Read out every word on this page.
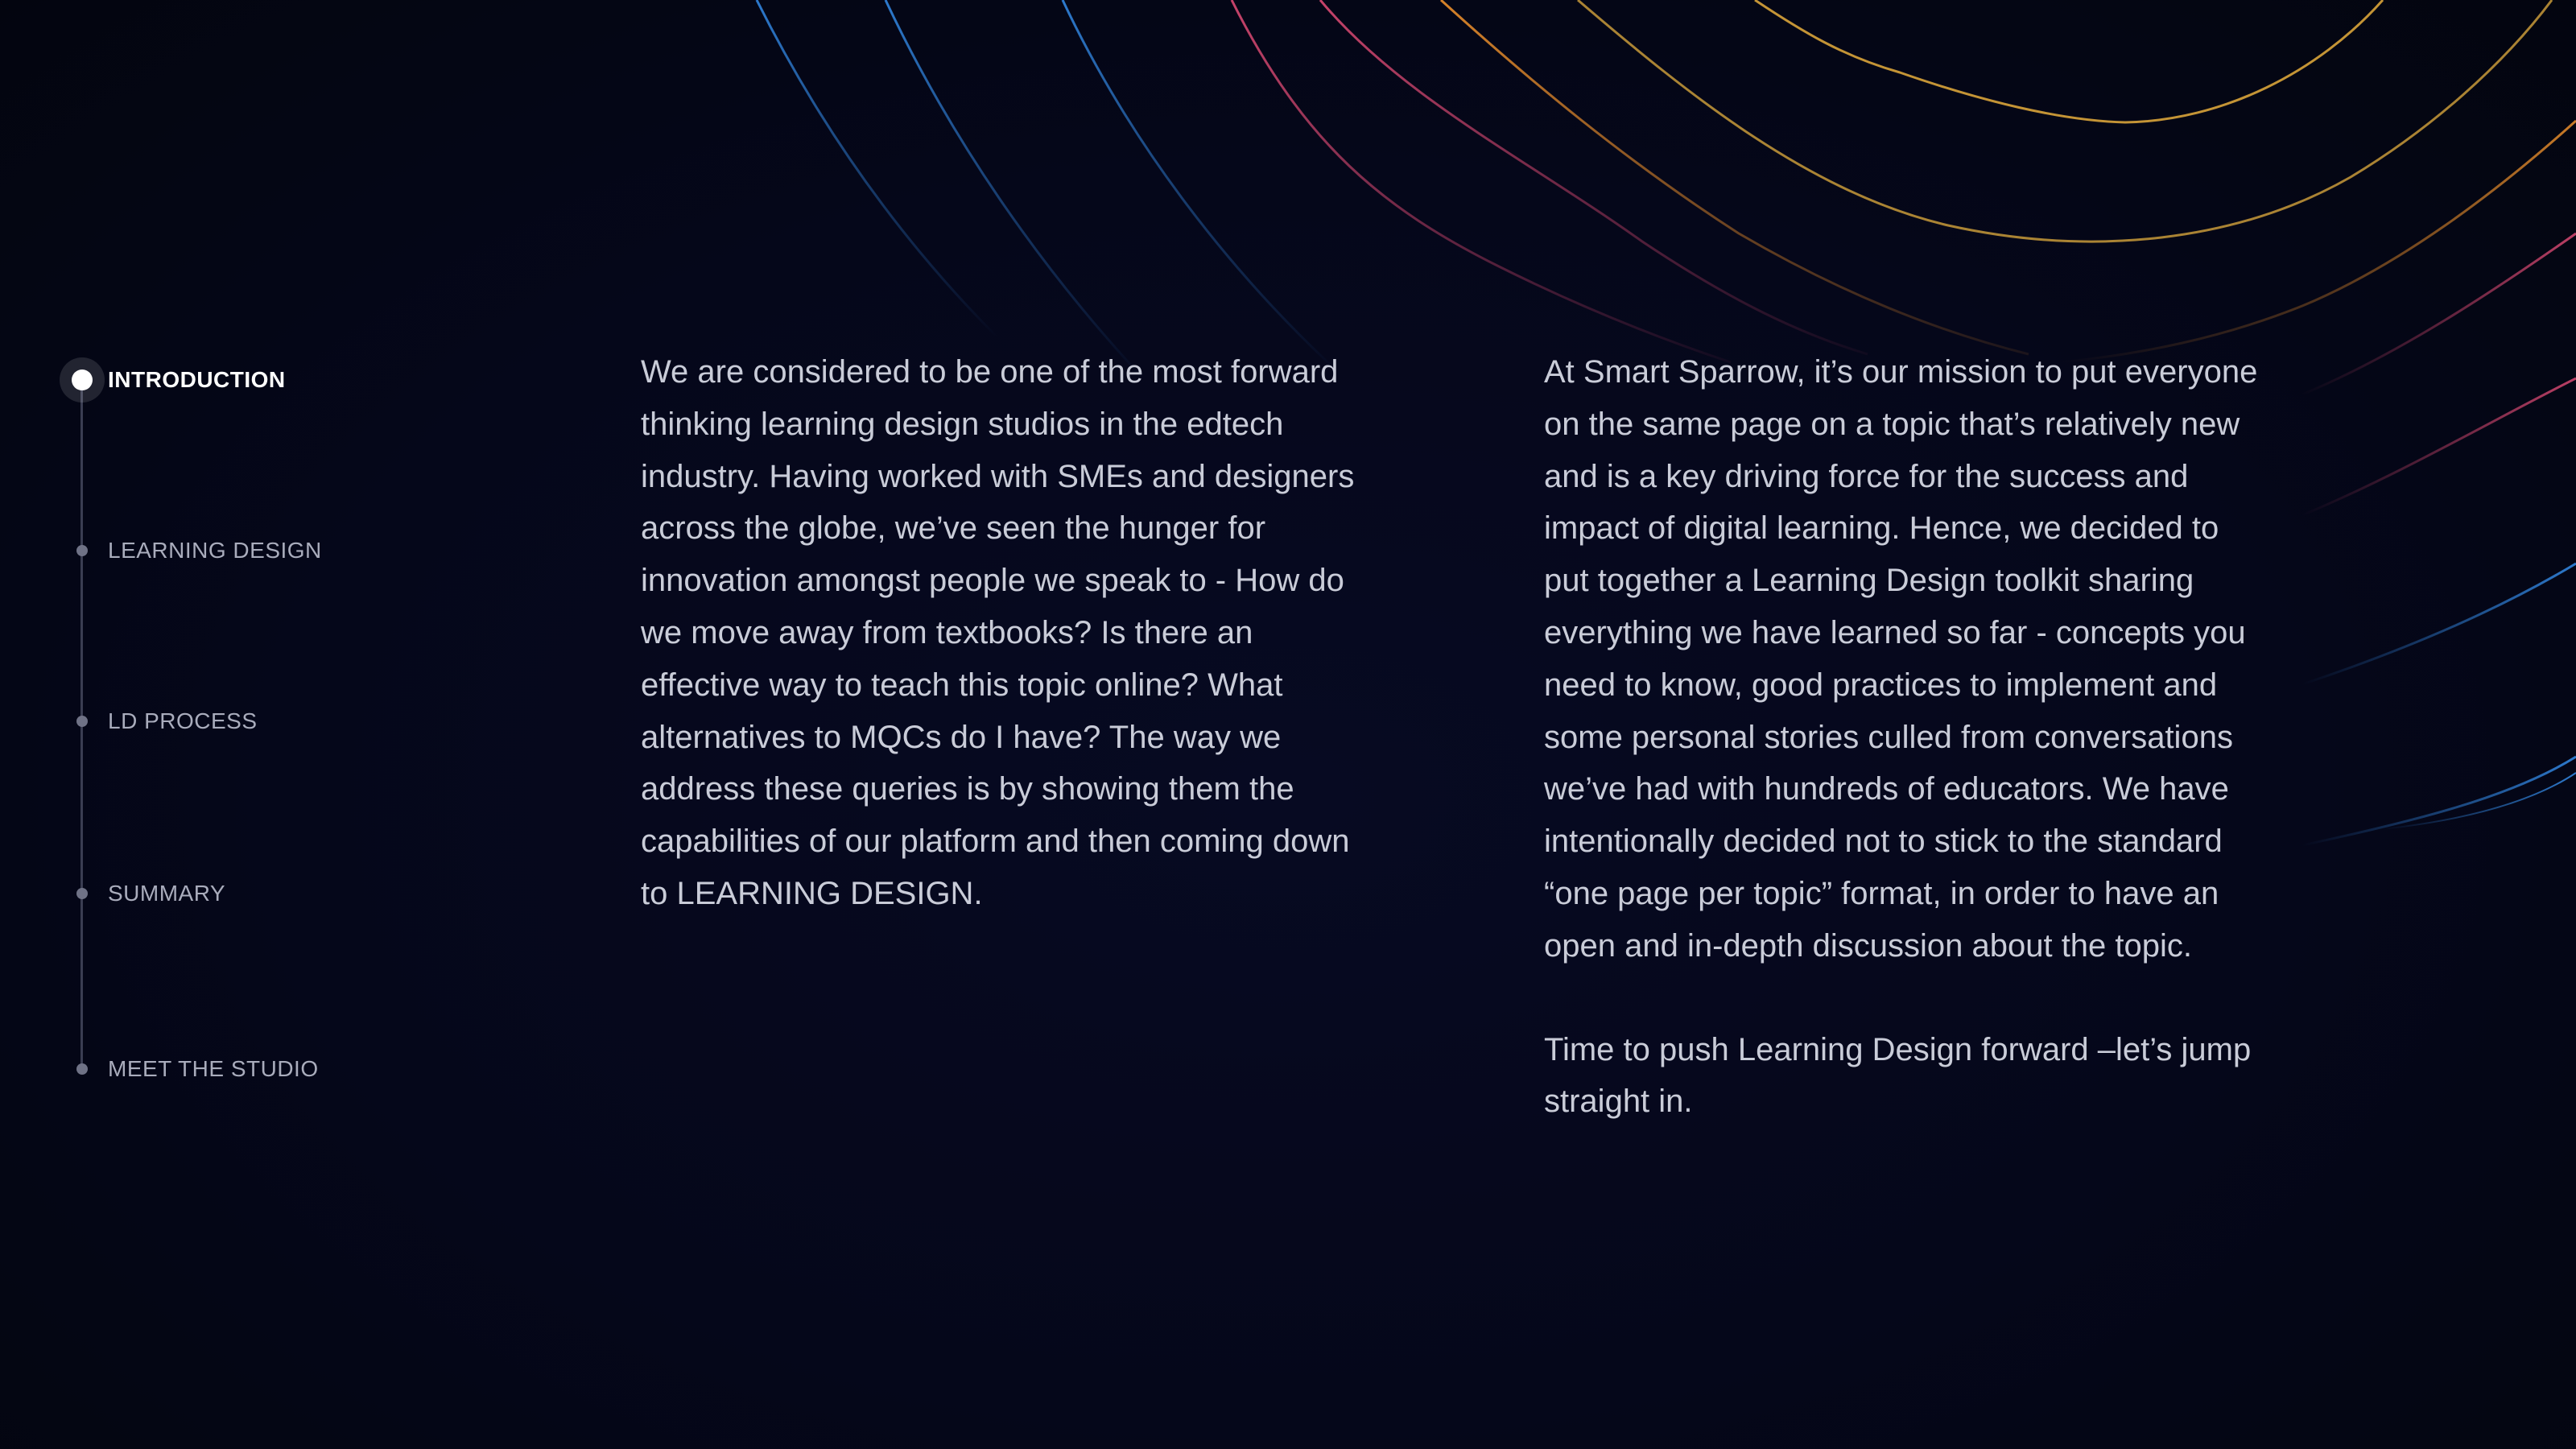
INTRODUCTION
LEARNING DESIGN
LD PROCESS
SUMMARY
MEET THE STUDIO

We are considered to be one of the most forward thinking learning design studios in the edtech industry. Having worked with SMEs and designers across the globe, we’ve seen the hunger for innovation amongst people we speak to - How do we move away from textbooks? Is there an effective way to teach this topic online? What alternatives to MQCs do I have? The way we address these queries is by showing them the capabilities of our platform and then coming down to LEARNING DESIGN.

At Smart Sparrow, it’s our mission to put everyone on the same page on a topic that’s relatively new and is a key driving force for the success and impact of digital learning. Hence, we decided to put together a Learning Design toolkit sharing everything we have learned so far - concepts you need to know, good practices to implement and some personal stories culled from conversations we’ve had with hundreds of educators. We have intentionally decided not to stick to the standard “one page per topic” format, in order to have an open and in-depth discussion about the topic.

Time to push Learning Design forward –let’s jump straight in.
